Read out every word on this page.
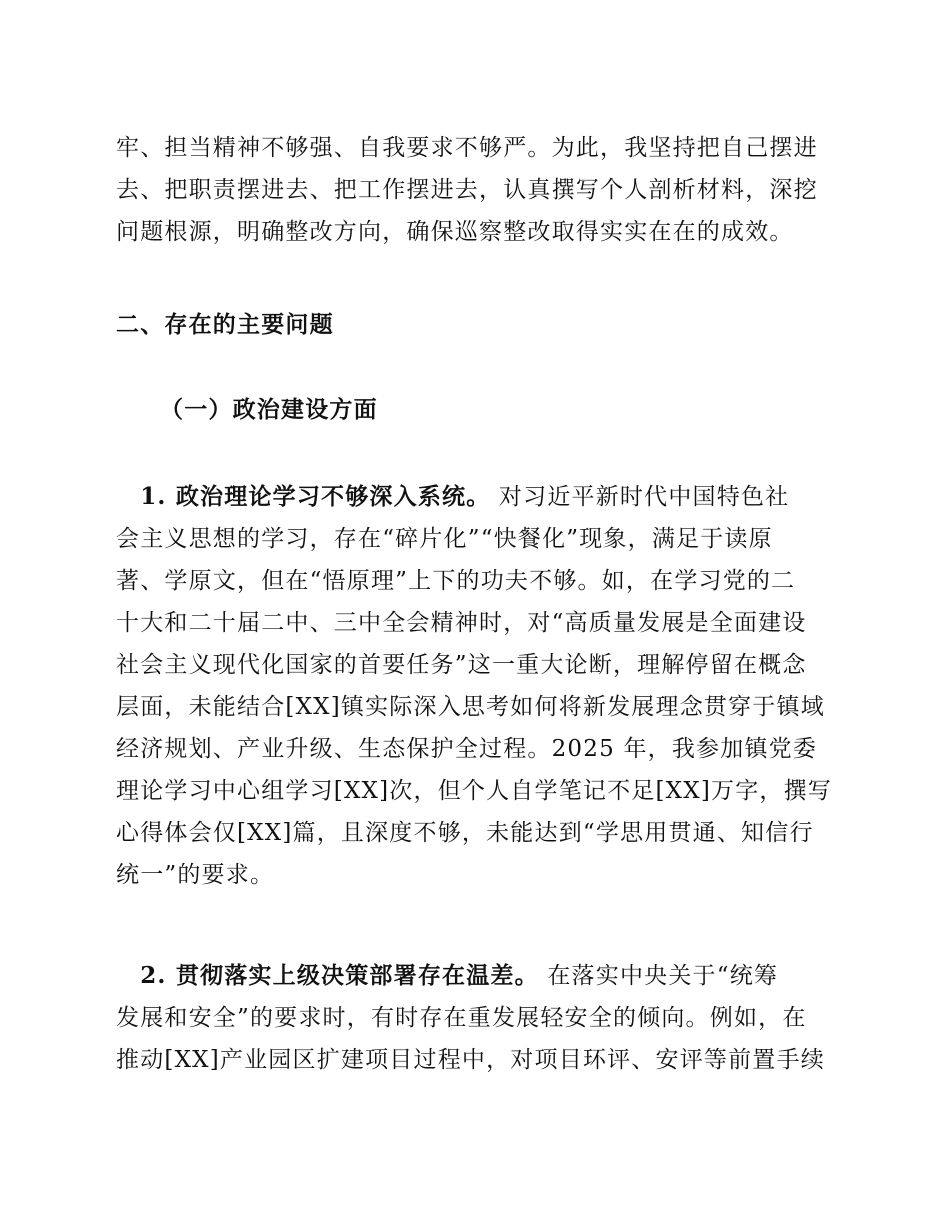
牢、担当精神不够强、自我要求不够严。为此，我坚持把自己摆进
去、把职责摆进去、把工作摆进去，认真撰写个人剖析材料，深挖
问题根源，明确整改方向，确保巡察整改取得实实在在的成效。
二、存在的主要问题
（一）政治建设方面
　1. 政治理论学习不够深入系统。 对习近平新时代中国特色社
会主义思想的学习，存在“碎片化”“快餐化”现象，满足于读原
著、学原文，但在“悟原理”上下的功夫不够。如，在学习党的二
十大和二十届二中、三中全会精神时，对“高质量发展是全面建设
社会主义现代化国家的首要任务”这一重大论断，理解停留在概念
层面，未能结合[XX]镇实际深入思考如何将新发展理念贯穿于镇域
经济规划、产业升级、生态保护全过程。2025 年，我参加镇党委
理论学习中心组学习[XX]次，但个人自学笔记不足[XX]万字，撰写
心得体会仅[XX]篇，且深度不够，未能达到“学思用贯通、知信行
统一”的要求。
　2. 贯彻落实上级决策部署存在温差。 在落实中央关于“统筹
发展和安全”的要求时，有时存在重发展轻安全的倾向。例如，在
推动[XX]产业园区扩建项目过程中，对项目环评、安评等前置手续
